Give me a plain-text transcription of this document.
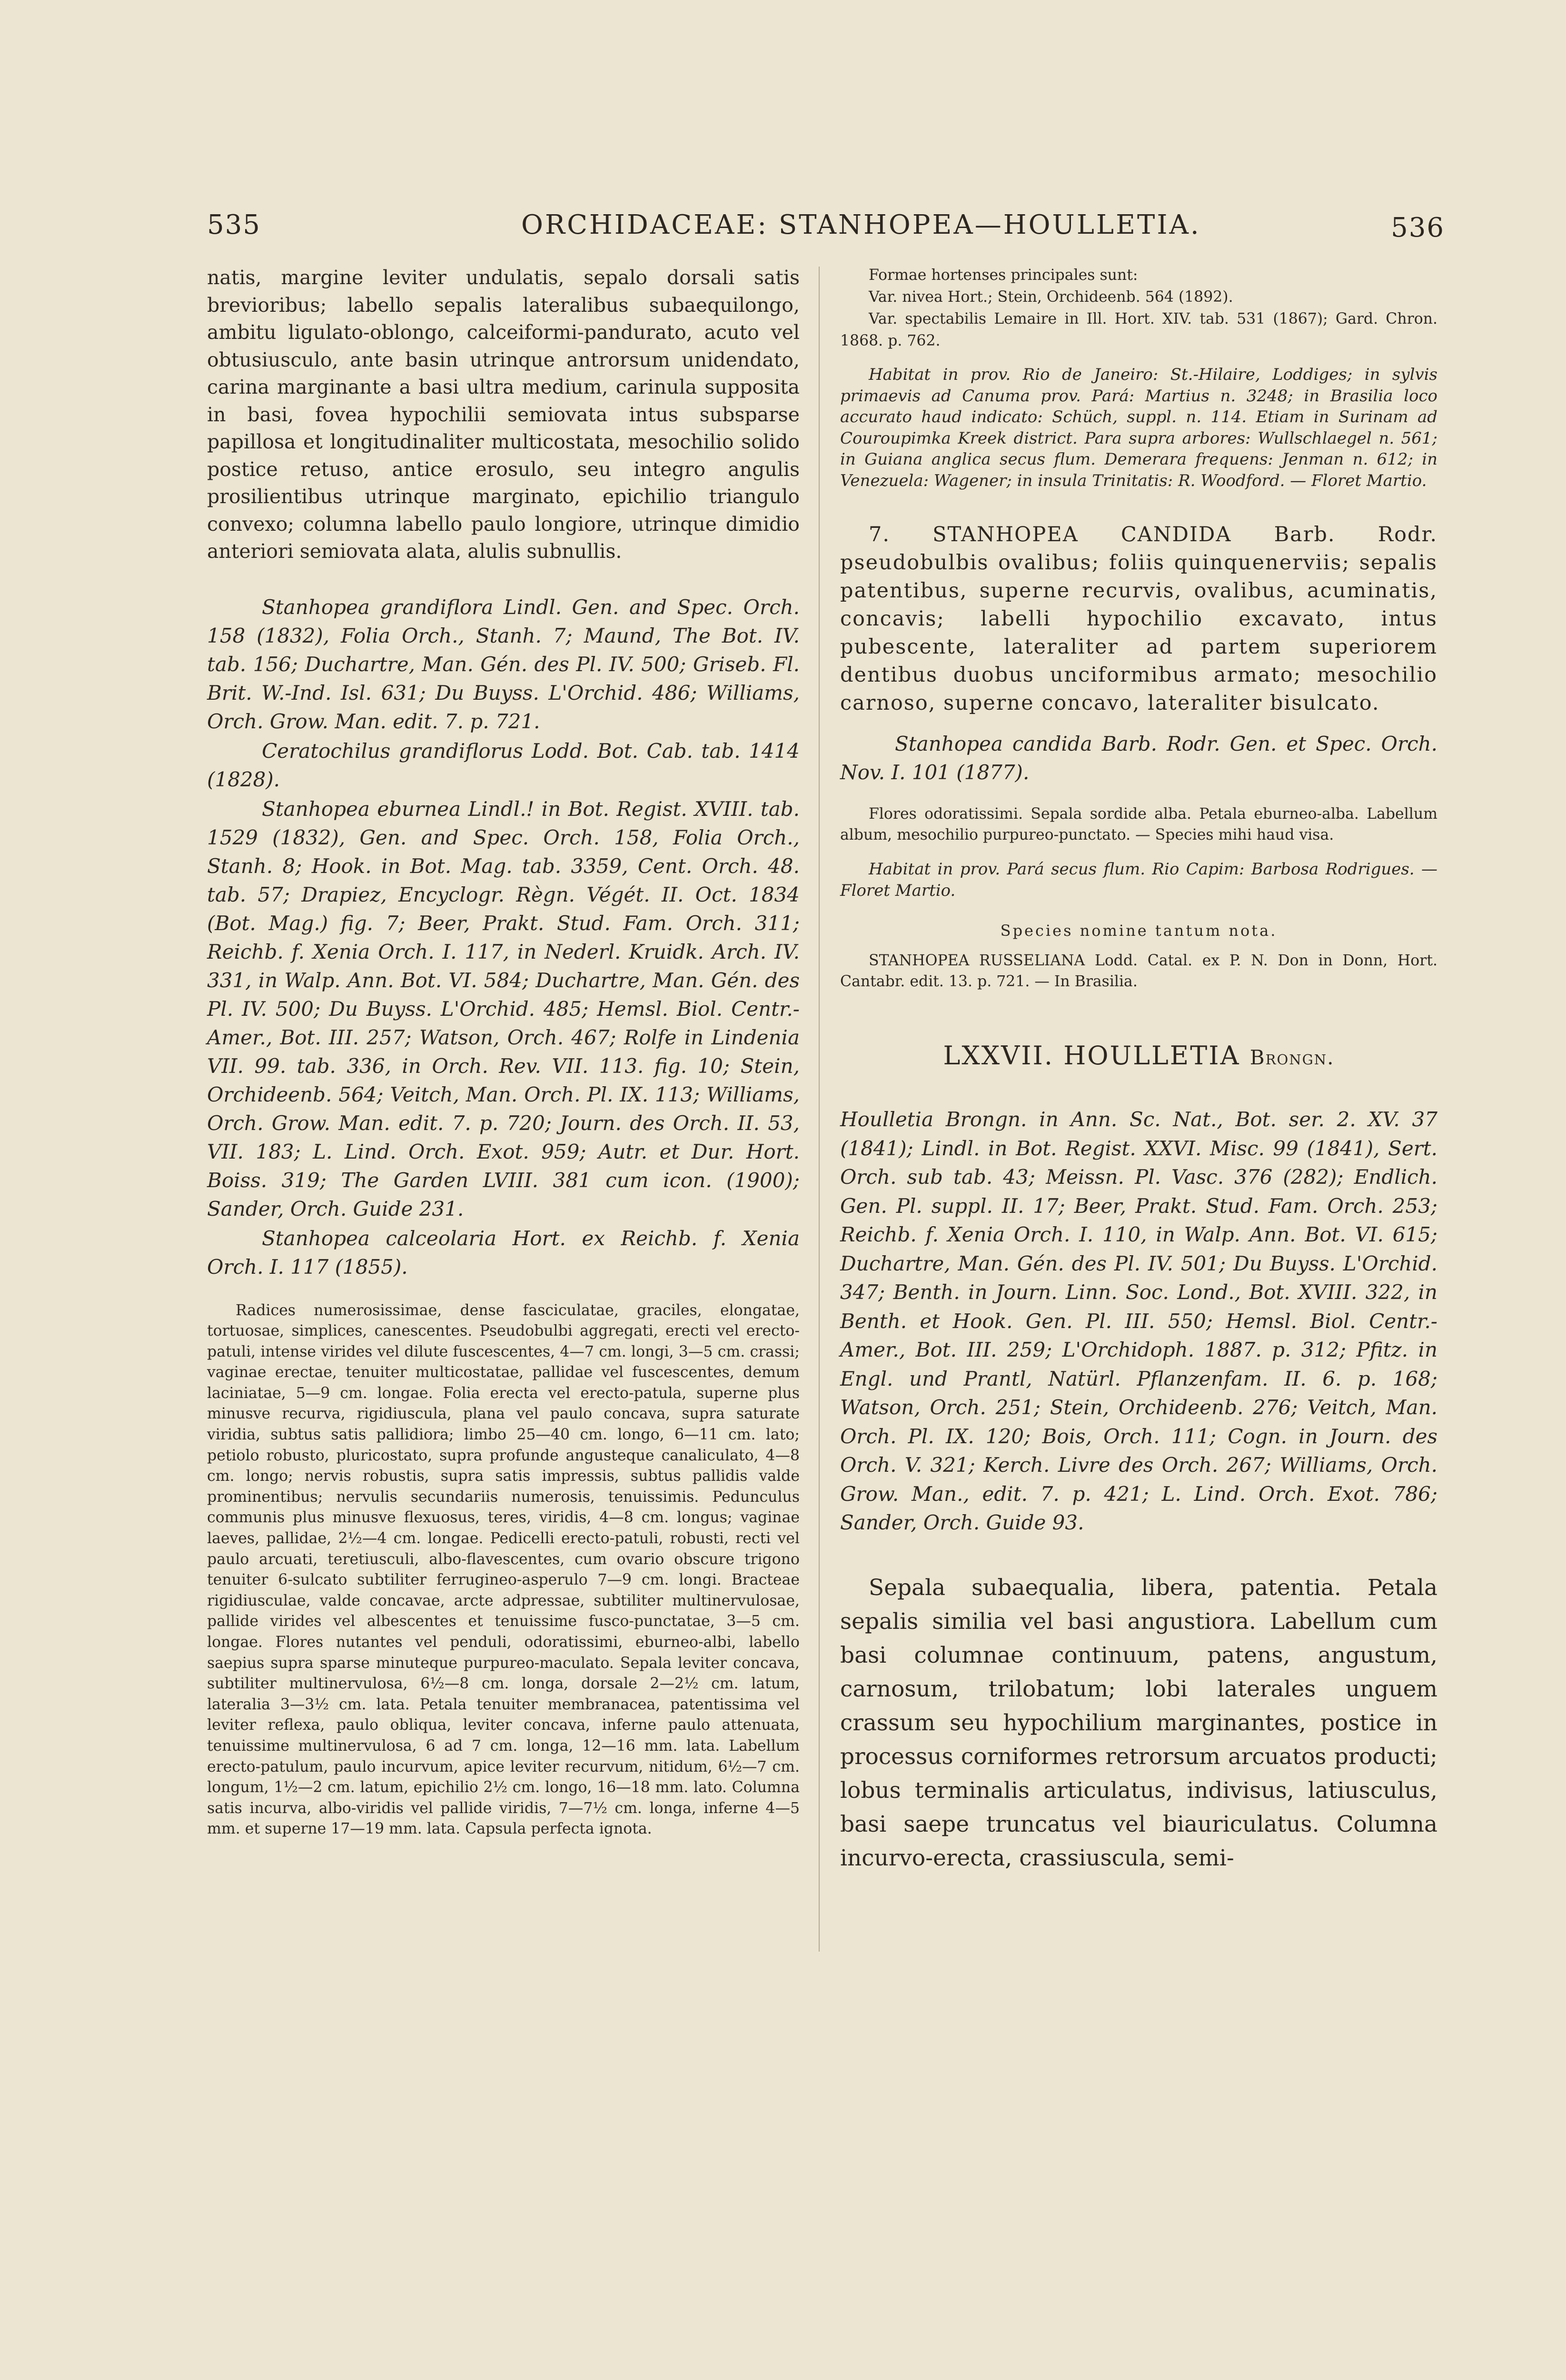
535	ORCHIDACEAE: STANHOPEA—HOULLETIA.	536

natis, margine leviter undulatis, sepalo dorsali satis brevioribus; labello sepalis lateralibus subaequilongo, ambitu ligulato-oblongo, calceiformi-pandurato, acuto vel obtusiusculo, ante basin utrinque antrorsum unidendato, carina marginante a basi ultra medium, carinula supposita in basi, fovea hypochilii semiovata intus subsparse papillosa et longitudinaliter multicostata, mesochilio solido postice retuso, antice erosulo, seu integro angulis prosilientibus utrinque marginato, epichilio triangulo convexo; columna labello paulo longiore, utrinque dimidio anteriori semiovata alata, alulis subnullis.

Stanhopea grandiflora Lindl. Gen. and Spec. Orch. 158 (1832), Folia Orch., Stanh. 7; Maund, The Bot. IV. tab. 156; Duchartre, Man. Gén. des Pl. IV. 500; Griseb. Fl. Brit. W.-Ind. Isl. 631; Du Buyss. L'Orchid. 486; Williams, Orch. Grow. Man. edit. 7. p. 721.

Ceratochilus grandiflorus Lodd. Bot. Cab. tab. 1414 (1828).

Stanhopea eburnea Lindl.! in Bot. Regist. XVIII. tab. 1529 (1832), Gen. and Spec. Orch. 158, Folia Orch., Stanh. 8; Hook. in Bot. Mag. tab. 3359, Cent. Orch. 48. tab. 57; Drapiez, Encyclogr. Règn. Végét. II. Oct. 1834 (Bot. Mag.) fig. 7; Beer, Prakt. Stud. Fam. Orch. 311; Reichb. f. Xenia Orch. I. 117, in Nederl. Kruidk. Arch. IV. 331, in Walp. Ann. Bot. VI. 584; Duchartre, Man. Gén. des Pl. IV. 500; Du Buyss. L'Orchid. 485; Hemsl. Biol. Centr.-Amer., Bot. III. 257; Watson, Orch. 467; Rolfe in Lindenia VII. 99. tab. 336, in Orch. Rev. VII. 113. fig. 10; Stein, Orchideenb. 564; Veitch, Man. Orch. Pl. IX. 113; Williams, Orch. Grow. Man. edit. 7. p. 720; Journ. des Orch. II. 53, VII. 183; L. Lind. Orch. Exot. 959; Autr. et Dur. Hort. Boiss. 319; The Garden LVIII. 381 cum icon. (1900); Sander, Orch. Guide 231.

Stanhopea calceolaria Hort. ex Reichb. f. Xenia Orch. I. 117 (1855).

Radices numerosissimae, dense fasciculatae, graciles, elongatae, tortuosae, simplices, canescentes. Pseudobulbi aggregati, erecti vel erecto-patuli, intense virides vel dilute fuscescentes, 4—7 cm. longi, 3—5 cm. crassi; vaginae erectae, tenuiter multicostatae, pallidae vel fuscescentes, demum laciniatae, 5—9 cm. longae. Folia erecta vel erecto-patula, superne plus minusve recurva, rigidiuscula, plana vel paulo concava, supra saturate viridia, subtus satis pallidiora; limbo 25—40 cm. longo, 6—11 cm. lato; petiolo robusto, pluricostato, supra profunde angusteque canaliculato, 4—8 cm. longo; nervis robustis, supra satis impressis, subtus pallidis valde prominentibus; nervulis secundariis numerosis, tenuissimis. Pedunculus communis plus minusve flexuosus, teres, viridis, 4—8 cm. longus; vaginae laeves, pallidae, 2½—4 cm. longae. Pedicelli erecto-patuli, robusti, recti vel paulo arcuati, teretiusculi, albo-flavescentes, cum ovario obscure trigono tenuiter 6-sulcato subtiliter ferrugineo-asperulo 7—9 cm. longi. Bracteae rigidiusculae, valde concavae, arcte adpressae, subtiliter multinervulosae, pallide virides vel albescentes et tenuissime fusco-punctatae, 3—5 cm. longae. Flores nutantes vel penduli, odoratissimi, eburneo-albi, labello saepius supra sparse minuteque purpureo-maculato. Sepala leviter concava, subtiliter multinervulosa, 6½—8 cm. longa, dorsale 2—2½ cm. latum, lateralia 3—3½ cm. lata. Petala tenuiter membranacea, patentissima vel leviter reflexa, paulo obliqua, leviter concava, inferne paulo attenuata, tenuissime multinervulosa, 6 ad 7 cm. longa, 12—16 mm. lata. Labellum erecto-patulum, paulo incurvum, apice leviter recurvum, nitidum, 6½—7 cm. longum, 1½—2 cm. latum, epichilio 2½ cm. longo, 16—18 mm. lato. Columna satis incurva, albo-viridis vel pallide viridis, 7—7½ cm. longa, inferne 4—5 mm. et superne 17—19 mm. lata. Capsula perfecta ignota.

Formae hortenses principales sunt:

Var. nivea Hort.; Stein, Orchideenb. 564 (1892).

Var. spectabilis Lemaire in Ill. Hort. XIV. tab. 531 (1867); Gard. Chron. 1868. p. 762.

Habitat in prov. Rio de Janeiro: St.-Hilaire, Loddiges; in sylvis primaevis ad Canuma prov. Pará: Martius n. 3248; in Brasilia loco accurato haud indicato: Schüch, suppl. n. 114. Etiam in Surinam ad Couroupimka Kreek district. Para supra arbores: Wullschlaegel n. 561; in Guiana anglica secus flum. Demerara frequens: Jenman n. 612; in Venezuela: Wagener; in insula Trinitatis: R. Woodford. — Floret Martio.

7. STANHOPEA CANDIDA Barb. Rodr. pseudobulbis ovalibus; foliis quinquenerviis; sepalis patentibus, superne recurvis, ovalibus, acuminatis, concavis; labelli hypochilio excavato, intus pubescente, lateraliter ad partem superiorem dentibus duobus unciformibus armato; mesochilio carnoso, superne concavo, lateraliter bisulcato.

Stanhopea candida Barb. Rodr. Gen. et Spec. Orch. Nov. I. 101 (1877).

Flores odoratissimi. Sepala sordide alba. Petala eburneo-alba. Labellum album, mesochilio purpureo-punctato. — Species mihi haud visa.

Habitat in prov. Pará secus flum. Rio Capim: Barbosa Rodrigues. — Floret Martio.

Species nomine tantum nota.

STANHOPEA RUSSELIANA Lodd. Catal. ex P. N. Don in Donn, Hort. Cantabr. edit. 13. p. 721. — In Brasilia.

LXXVII. HOULLETIA Brongn.

Houlletia Brongn. in Ann. Sc. Nat., Bot. ser. 2. XV. 37 (1841); Lindl. in Bot. Regist. XXVI. Misc. 99 (1841), Sert. Orch. sub tab. 43; Meissn. Pl. Vasc. 376 (282); Endlich. Gen. Pl. suppl. II. 17; Beer, Prakt. Stud. Fam. Orch. 253; Reichb. f. Xenia Orch. I. 110, in Walp. Ann. Bot. VI. 615; Duchartre, Man. Gén. des Pl. IV. 501; Du Buyss. L'Orchid. 347; Benth. in Journ. Linn. Soc. Lond., Bot. XVIII. 322, in Benth. et Hook. Gen. Pl. III. 550; Hemsl. Biol. Centr.-Amer., Bot. III. 259; L'Orchidoph. 1887. p. 312; Pfitz. in Engl. und Prantl, Natürl. Pflanzenfam. II. 6. p. 168; Watson, Orch. 251; Stein, Orchideenb. 276; Veitch, Man. Orch. Pl. IX. 120; Bois, Orch. 111; Cogn. in Journ. des Orch. V. 321; Kerch. Livre des Orch. 267; Williams, Orch. Grow. Man., edit. 7. p. 421; L. Lind. Orch. Exot. 786; Sander, Orch. Guide 93.

Sepala subaequalia, libera, patentia. Petala sepalis similia vel basi angustiora. Labellum cum basi columnae continuum, patens, angustum, carnosum, trilobatum; lobi laterales unguem crassum seu hypochilium marginantes, postice in processus corniformes retrorsum arcuatos producti; lobus terminalis articulatus, indivisus, latiusculus, basi saepe truncatus vel biauriculatus. Columna incurvo-erecta, crassiuscula, semi-
